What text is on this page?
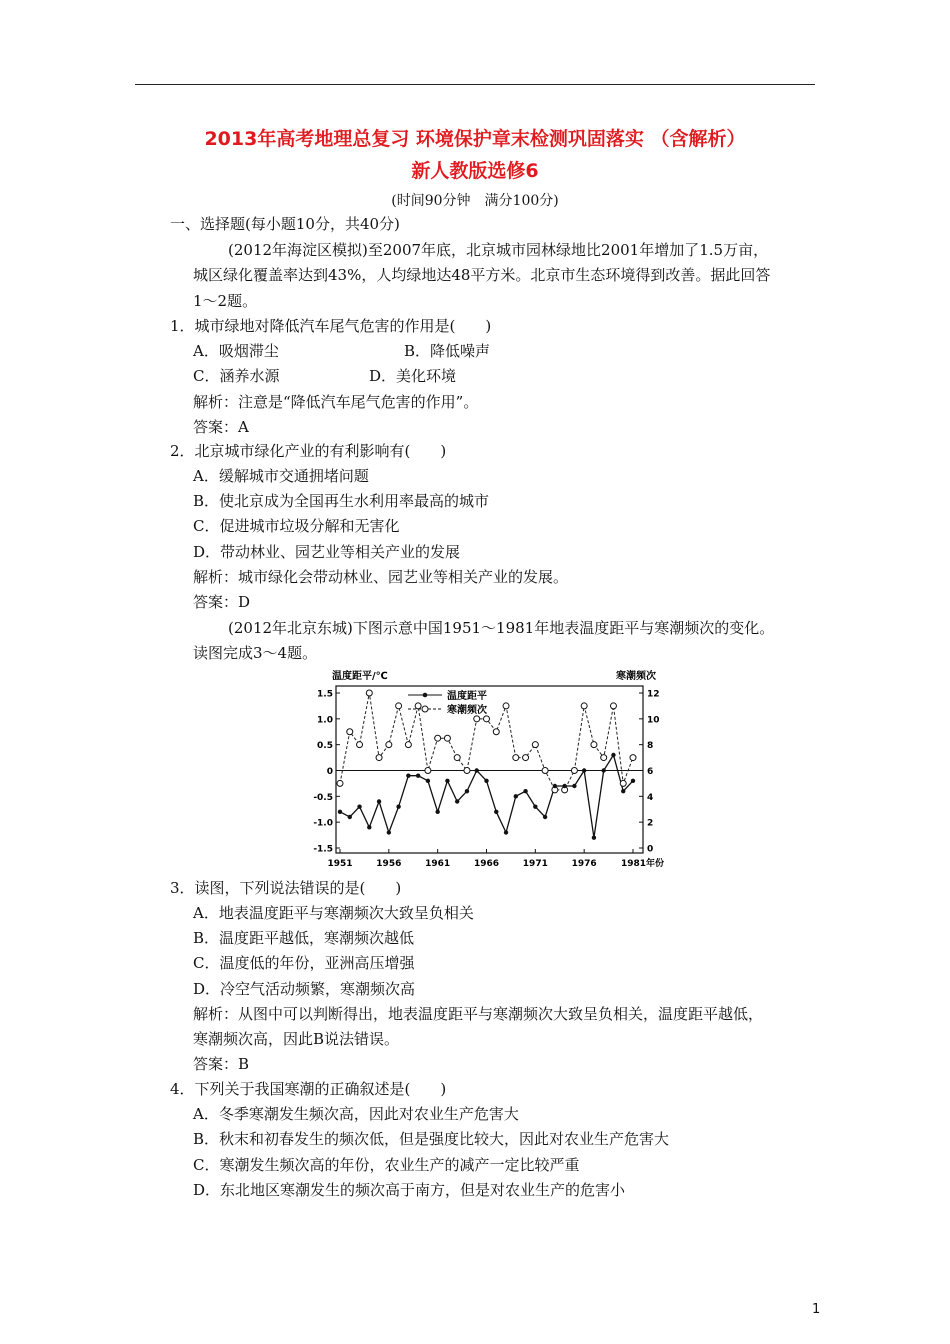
2013年高考地理总复习 环境保护章末检测巩固落实 （含解析）
新人教版选修6
(时间90分钟　满分100分)
一、选择题(每小题10分，共40分)
(2012年海淀区模拟)至2007年底，北京城市园林绿地比2001年增加了1.5万亩，
城区绿化覆盖率达到43%，人均绿地达48平方米。北京市生态环境得到改善。据此回答
1～2题。
1．城市绿地对降低汽车尾气危害的作用是(　　)
A．吸烟滞尘	B．降低噪声
C．涵养水源	D．美化环境
解析：注意是“降低汽车尾气危害的作用”。
答案：A
2．北京城市绿化产业的有利影响有(　　)
A．缓解城市交通拥堵问题
B．使北京成为全国再生水利用率最高的城市
C．促进城市垃圾分解和无害化
D．带动林业、园艺业等相关产业的发展
解析：城市绿化会带动林业、园艺业等相关产业的发展。
答案：D
(2012年北京东城)下图示意中国1951～1981年地表温度距平与寒潮频次的变化。
读图完成3～4题。
温度距平/℃	寒潮频次
1.5
1.0
0.5
0
-0.5
-1.0
-1.5
12
10
8
6
4
2
0
1951	1956	1961	1966	1971	1976	1981年份
温度距平
寒潮频次
3．读图，下列说法错误的是(　　)
A．地表温度距平与寒潮频次大致呈负相关
B．温度距平越低，寒潮频次越低
C．温度低的年份，亚洲高压增强
D．冷空气活动频繁，寒潮频次高
解析：从图中可以判断得出，地表温度距平与寒潮频次大致呈负相关，温度距平越低，
寒潮频次高，因此B说法错误。
答案：B
4．下列关于我国寒潮的正确叙述是(　　)
A．冬季寒潮发生频次高，因此对农业生产危害大
B．秋末和初春发生的频次低，但是强度比较大，因此对农业生产危害大
C．寒潮发生频次高的年份，农业生产的减产一定比较严重
D．东北地区寒潮发生的频次高于南方，但是对农业生产的危害小
1
